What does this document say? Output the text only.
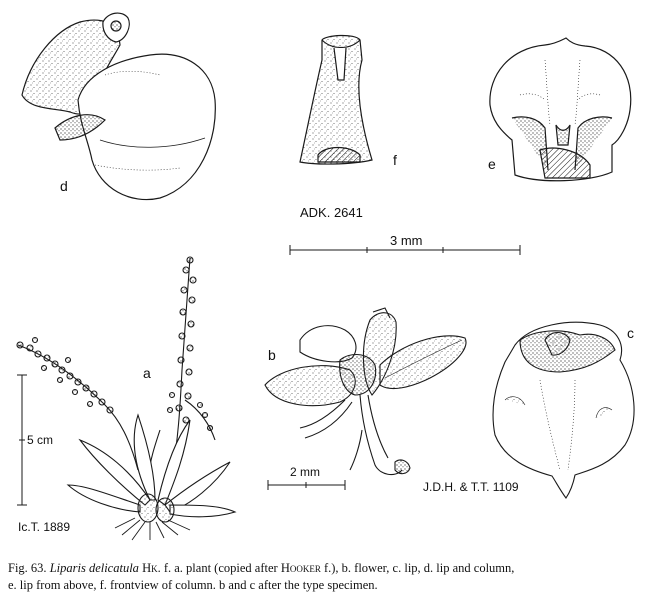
d
f	e
a
b
c
ADK. 2641
Ic.T. 1889
J.D.H. & T.T. 1109
3 mm
2 mm
5 cm
Fig. 63. Liparis delicatula Hk. f. a. plant (copied after Hooker f.), b. flower, c. lip, d. lip and column,
e. lip from above, f. frontview of column. b and c after the type specimen.
